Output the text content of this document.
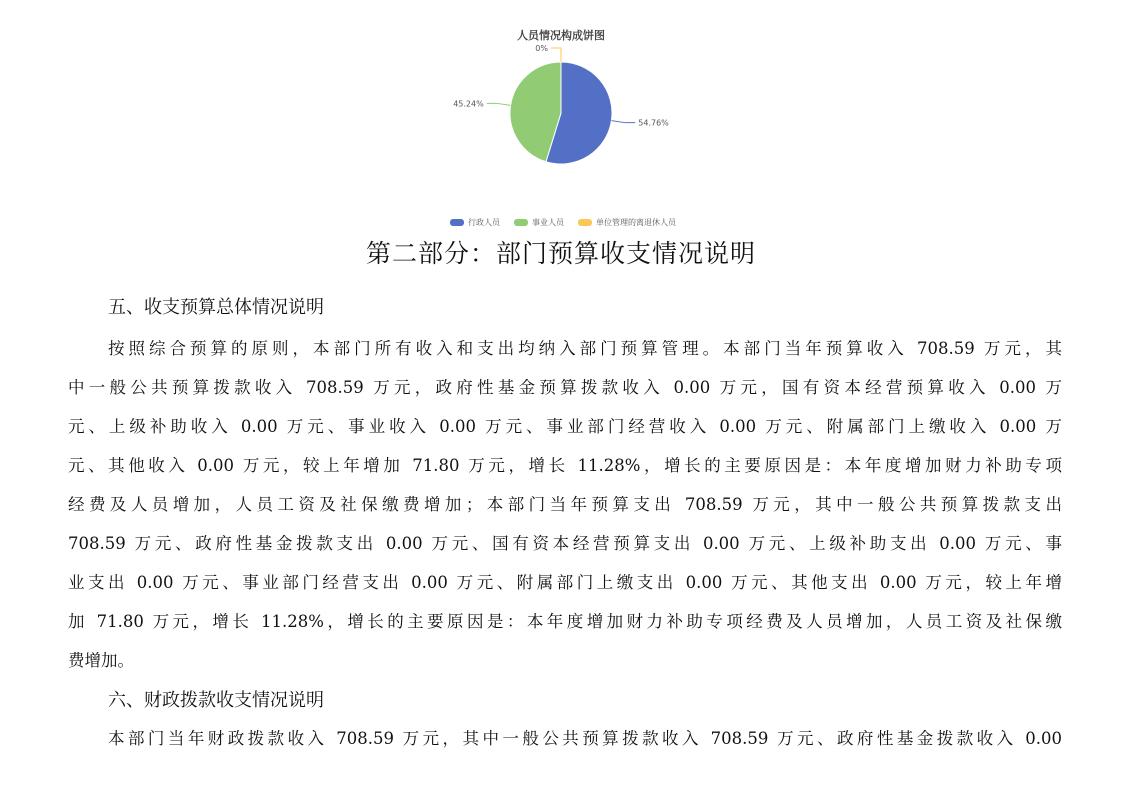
人员情况构成饼图
54.76%
45.24%
0%
行政人员	事业人员	单位管理的离退休人员
第二部分：部门预算收支情况说明
五、收支预算总体情况说明
按照综合预算的原则，本部门所有收入和支出均纳入部门预算管理。本部门当年预算收入 708.59 万元，其
中一般公共预算拨款收入 708.59 万元，政府性基金预算拨款收入 0.00 万元，国有资本经营预算收入 0.00 万
元、上级补助收入 0.00 万元、事业收入 0.00 万元、事业部门经营收入 0.00 万元、附属部门上缴收入 0.00 万
元、其他收入 0.00 万元，较上年增加 71.80 万元，增长 11.28%，增长的主要原因是：本年度增加财力补助专项
经费及人员增加，人员工资及社保缴费增加；本部门当年预算支出 708.59 万元，其中一般公共预算拨款支出
708.59 万元、政府性基金拨款支出 0.00 万元、国有资本经营预算支出 0.00 万元、上级补助支出 0.00 万元、事
业支出 0.00 万元、事业部门经营支出 0.00 万元、附属部门上缴支出 0.00 万元、其他支出 0.00 万元，较上年增
加 71.80 万元，增长 11.28%，增长的主要原因是：本年度增加财力补助专项经费及人员增加，人员工资及社保缴
费增加。
六、财政拨款收支情况说明
本部门当年财政拨款收入 708.59 万元，其中一般公共预算拨款收入 708.59 万元、政府性基金拨款收入 0.00
